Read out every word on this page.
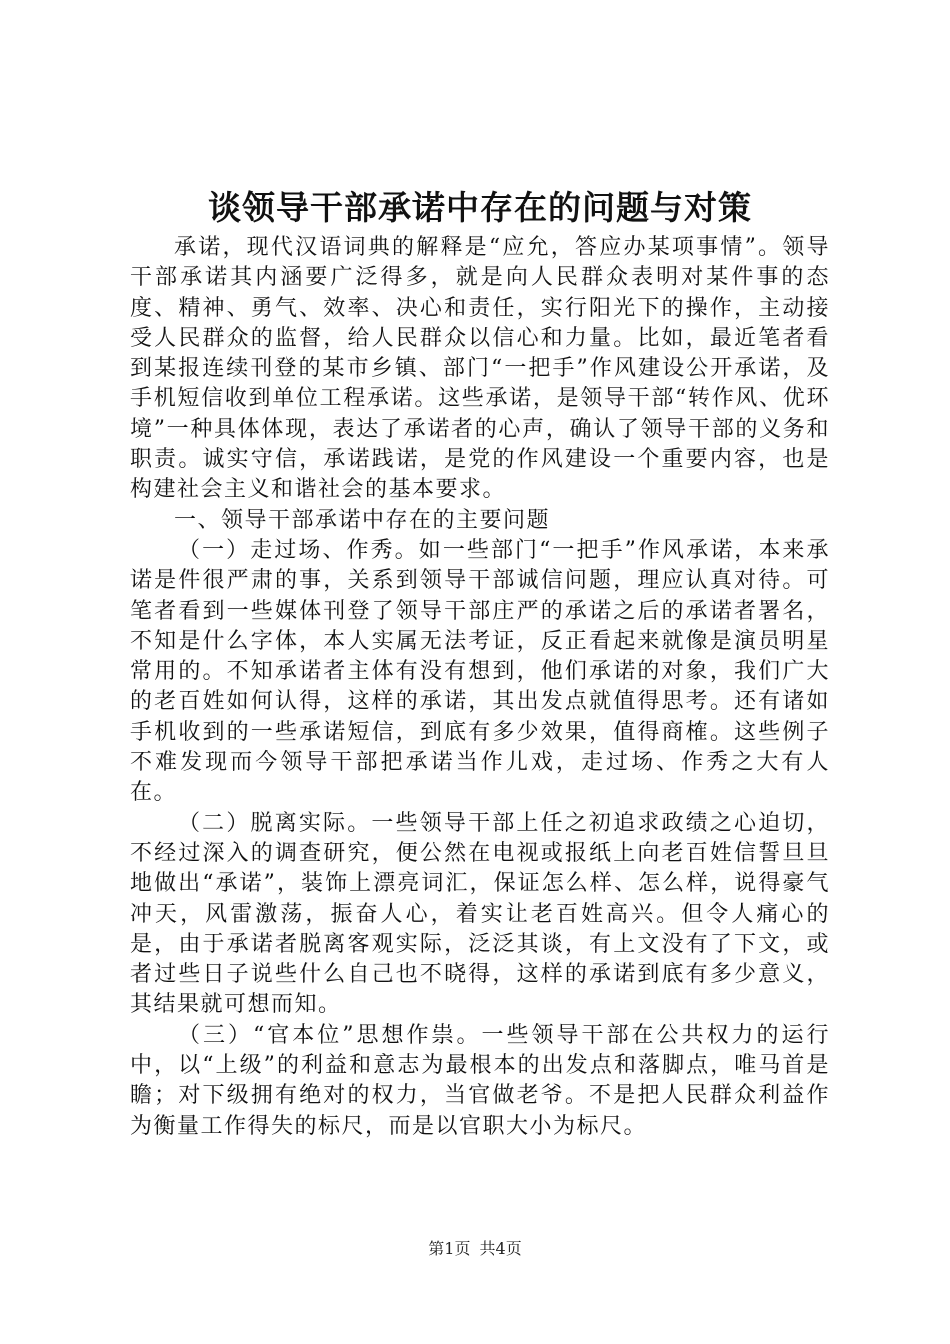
谈领导干部承诺中存在的问题与对策

承诺，现代汉语词典的解释是“应允，答应办某项事情”。领导干部承诺其内涵要广泛得多，就是向人民群众表明对某件事的态度、精神、勇气、效率、决心和责任，实行阳光下的操作，主动接受人民群众的监督，给人民群众以信心和力量。比如，最近笔者看到某报连续刊登的某市乡镇、部门“一把手”作风建设公开承诺，及手机短信收到单位工程承诺。这些承诺，是领导干部“转作风、优环境”一种具体体现，表达了承诺者的心声，确认了领导干部的义务和职责。诚实守信，承诺践诺，是党的作风建设一个重要内容，也是构建社会主义和谐社会的基本要求。

一、领导干部承诺中存在的主要问题

（一）走过场、作秀。如一些部门“一把手”作风承诺，本来承诺是件很严肃的事，关系到领导干部诚信问题，理应认真对待。可笔者看到一些媒体刊登了领导干部庄严的承诺之后的承诺者署名，不知是什么字体，本人实属无法考证，反正看起来就像是演员明星常用的。不知承诺者主体有没有想到，他们承诺的对象，我们广大的老百姓如何认得，这样的承诺，其出发点就值得思考。还有诸如手机收到的一些承诺短信，到底有多少效果，值得商榷。这些例子不难发现而今领导干部把承诺当作儿戏，走过场、作秀之大有人在。

（二）脱离实际。一些领导干部上任之初追求政绩之心迫切，不经过深入的调查研究，便公然在电视或报纸上向老百姓信誓旦旦地做出“承诺”，装饰上漂亮词汇，保证怎么样、怎么样，说得豪气冲天，风雷激荡，振奋人心，着实让老百姓高兴。但令人痛心的是，由于承诺者脱离客观实际，泛泛其谈，有上文没有了下文，或者过些日子说些什么自己也不晓得，这样的承诺到底有多少意义，其结果就可想而知。

（三）“官本位”思想作祟。一些领导干部在公共权力的运行中，以“上级”的利益和意志为最根本的出发点和落脚点，唯马首是瞻；对下级拥有绝对的权力，当官做老爷。不是把人民群众利益作为衡量工作得失的标尺，而是以官职大小为标尺。

第1页 共4页
